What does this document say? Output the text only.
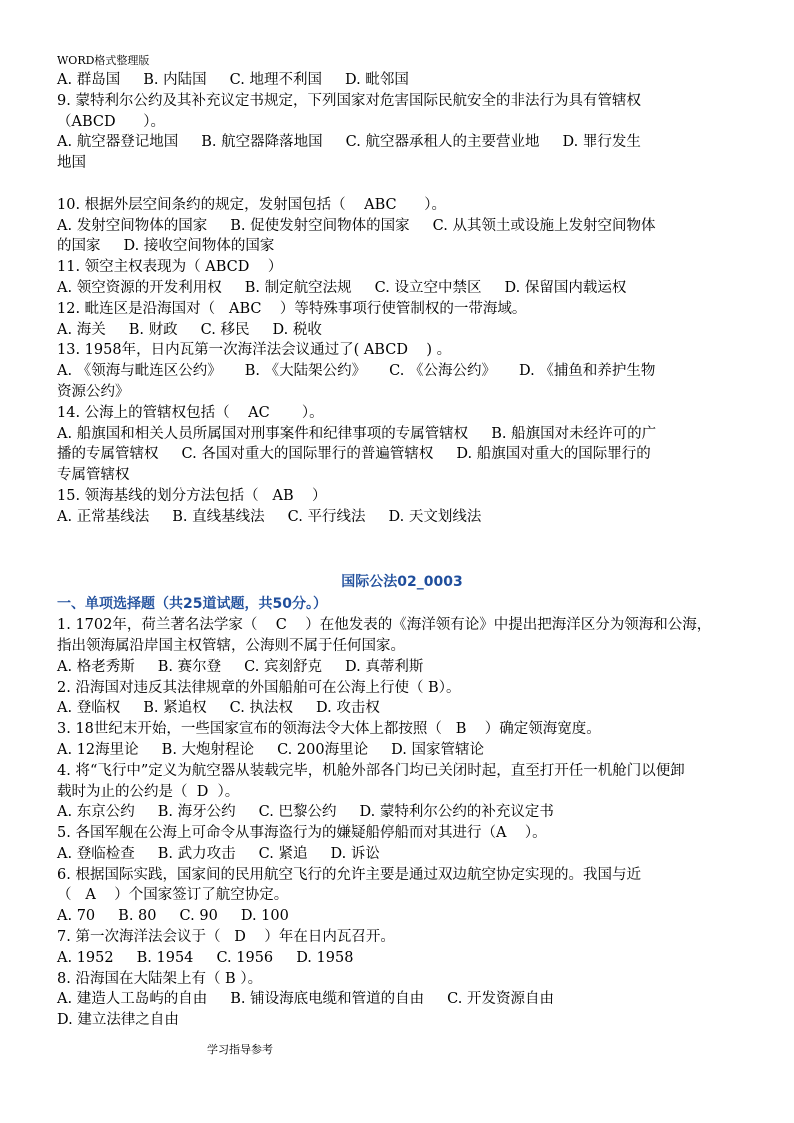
WORD格式整理版

A. 群岛国     B. 内陆国     C. 地理不利国     D. 毗邻国

9. 蒙特利尔公约及其补充议定书规定，下列国家对危害国际民航安全的非法行为具有管辖权

（ABCD      ）。

A. 航空器登记地国     B. 航空器降落地国     C. 航空器承租人的主要营业地     D. 罪行发生

地国

10. 根据外层空间条约的规定，发射国包括（    ABC      ）。

A. 发射空间物体的国家     B. 促使发射空间物体的国家     C. 从其领土或设施上发射空间物体

的国家     D. 接收空间物体的国家

11. 领空主权表现为（ ABCD    ）

A. 领空资源的开发利用权     B. 制定航空法规     C. 设立空中禁区     D. 保留国内载运权

12. 毗连区是沿海国对（   ABC    ）等特殊事项行使管制权的一带海域。

A. 海关     B. 财政     C. 移民     D. 税收

13. 1958年，日内瓦第一次海洋法会议通过了( ABCD    ) 。

A. 《领海与毗连区公约》     B. 《大陆架公约》     C. 《公海公约》     D. 《捕鱼和养护生物

资源公约》

14. 公海上的管辖权包括（    AC       ）。

A. 船旗国和相关人员所属国对刑事案件和纪律事项的专属管辖权     B. 船旗国对未经许可的广

播的专属管辖权     C. 各国对重大的国际罪行的普遍管辖权     D. 船旗国对重大的国际罪行的

专属管辖权

15. 领海基线的划分方法包括（   AB    ）

A. 正常基线法     B. 直线基线法     C. 平行线法     D. 天文划线法

国际公法02_0003
一、单项选择题（共25道试题，共50分。）

1. 1702年，荷兰著名法学家（    C    ）在他发表的《海洋领有论》中提出把海洋区分为领海和公海，

指出领海属沿岸国主权管辖，公海则不属于任何国家。

A. 格老秀斯     B. 赛尔登     C. 宾刻舒克     D. 真蒂利斯

2. 沿海国对违反其法律规章的外国船舶可在公海上行使（ B）。

A. 登临权     B. 紧追权     C. 执法权     D. 攻击权

3. 18世纪末开始，一些国家宣布的领海法令大体上都按照（   B    ）确定领海宽度。

A. 12海里论     B. 大炮射程论     C. 200海里论     D. 国家管辖论

4. 将“飞行中”定义为航空器从装载完毕，机舱外部各门均已关闭时起，直至打开任一机舱门以便卸

载时为止的公约是（  D  ）。

A. 东京公约     B. 海牙公约     C. 巴黎公约     D. 蒙特利尔公约的补充议定书

5. 各国军舰在公海上可命令从事海盗行为的嫌疑船停船而对其进行（A    ）。

A. 登临检查     B. 武力攻击     C. 紧追     D. 诉讼

6. 根据国际实践，国家间的民用航空飞行的允许主要是通过双边航空协定实现的。我国与近

（   A    ）个国家签订了航空协定。

A. 70     B. 80     C. 90     D. 100

7. 第一次海洋法会议于（   D    ）年在日内瓦召开。

A. 1952     B. 1954     C. 1956     D. 1958

8. 沿海国在大陆架上有（ B ）。

A. 建造人工岛屿的自由     B. 铺设海底电缆和管道的自由     C. 开发资源自由

D. 建立法律之自由

学习指导参考
